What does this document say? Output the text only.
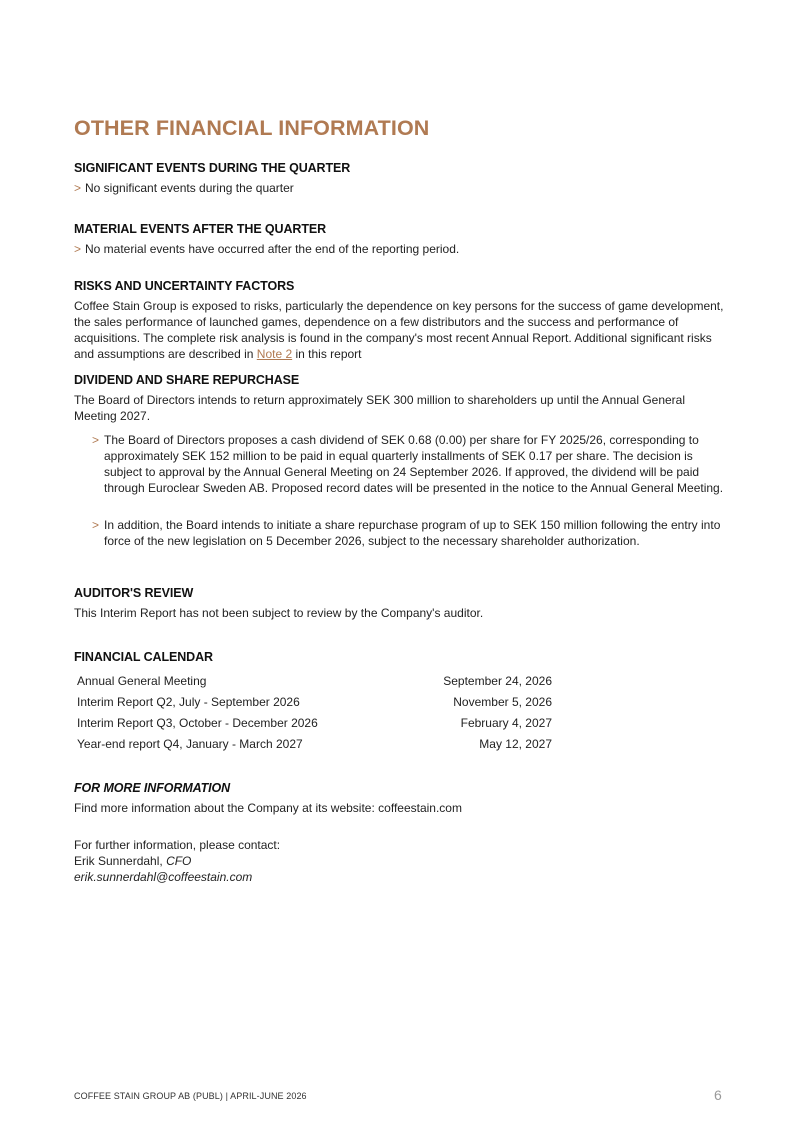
OTHER FINANCIAL INFORMATION
SIGNIFICANT EVENTS DURING THE QUARTER
> No significant events during the quarter
MATERIAL EVENTS AFTER THE QUARTER
> No material events have occurred after the end of the reporting period.
RISKS AND UNCERTAINTY FACTORS
Coffee Stain Group is exposed to risks, particularly the dependence on key persons for the success of game development, the sales performance of launched games, dependence on a few distributors and the success and performance of acquisitions. The complete risk analysis is found in the company's most recent Annual Report. Additional significant risks and assumptions are described in Note 2 in this report
DIVIDEND AND SHARE REPURCHASE
The Board of Directors intends to return approximately SEK 300 million to shareholders up until the Annual General Meeting 2027.
> The Board of Directors proposes a cash dividend of SEK 0.68 (0.00) per share for FY 2025/26, corresponding to approximately SEK 152 million to be paid in equal quarterly installments of SEK 0.17 per share. The decision is subject to approval by the Annual General Meeting on 24 September 2026. If approved, the dividend will be paid through Euroclear Sweden AB. Proposed record dates will be presented in the notice to the Annual General Meeting.
> In addition, the Board intends to initiate a share repurchase program of up to SEK 150 million following the entry into force of the new legislation on 5 December 2026, subject to the necessary shareholder authorization.
AUDITOR'S REVIEW
This Interim Report has not been subject to review by the Company's auditor.
FINANCIAL CALENDAR
Annual General Meeting	September 24, 2026
Interim Report Q2, July - September 2026	November 5, 2026
Interim Report Q3, October - December 2026	February 4, 2027
Year-end report Q4, January - March 2027	May 12, 2027
FOR MORE INFORMATION
Find more information about the Company at its website: coffeestain.com
For further information, please contact:
Erik Sunnerdahl, CFO
erik.sunnerdahl@coffeestain.com
COFFEE STAIN GROUP AB (PUBL) | APRIL-JUNE 2026	6
